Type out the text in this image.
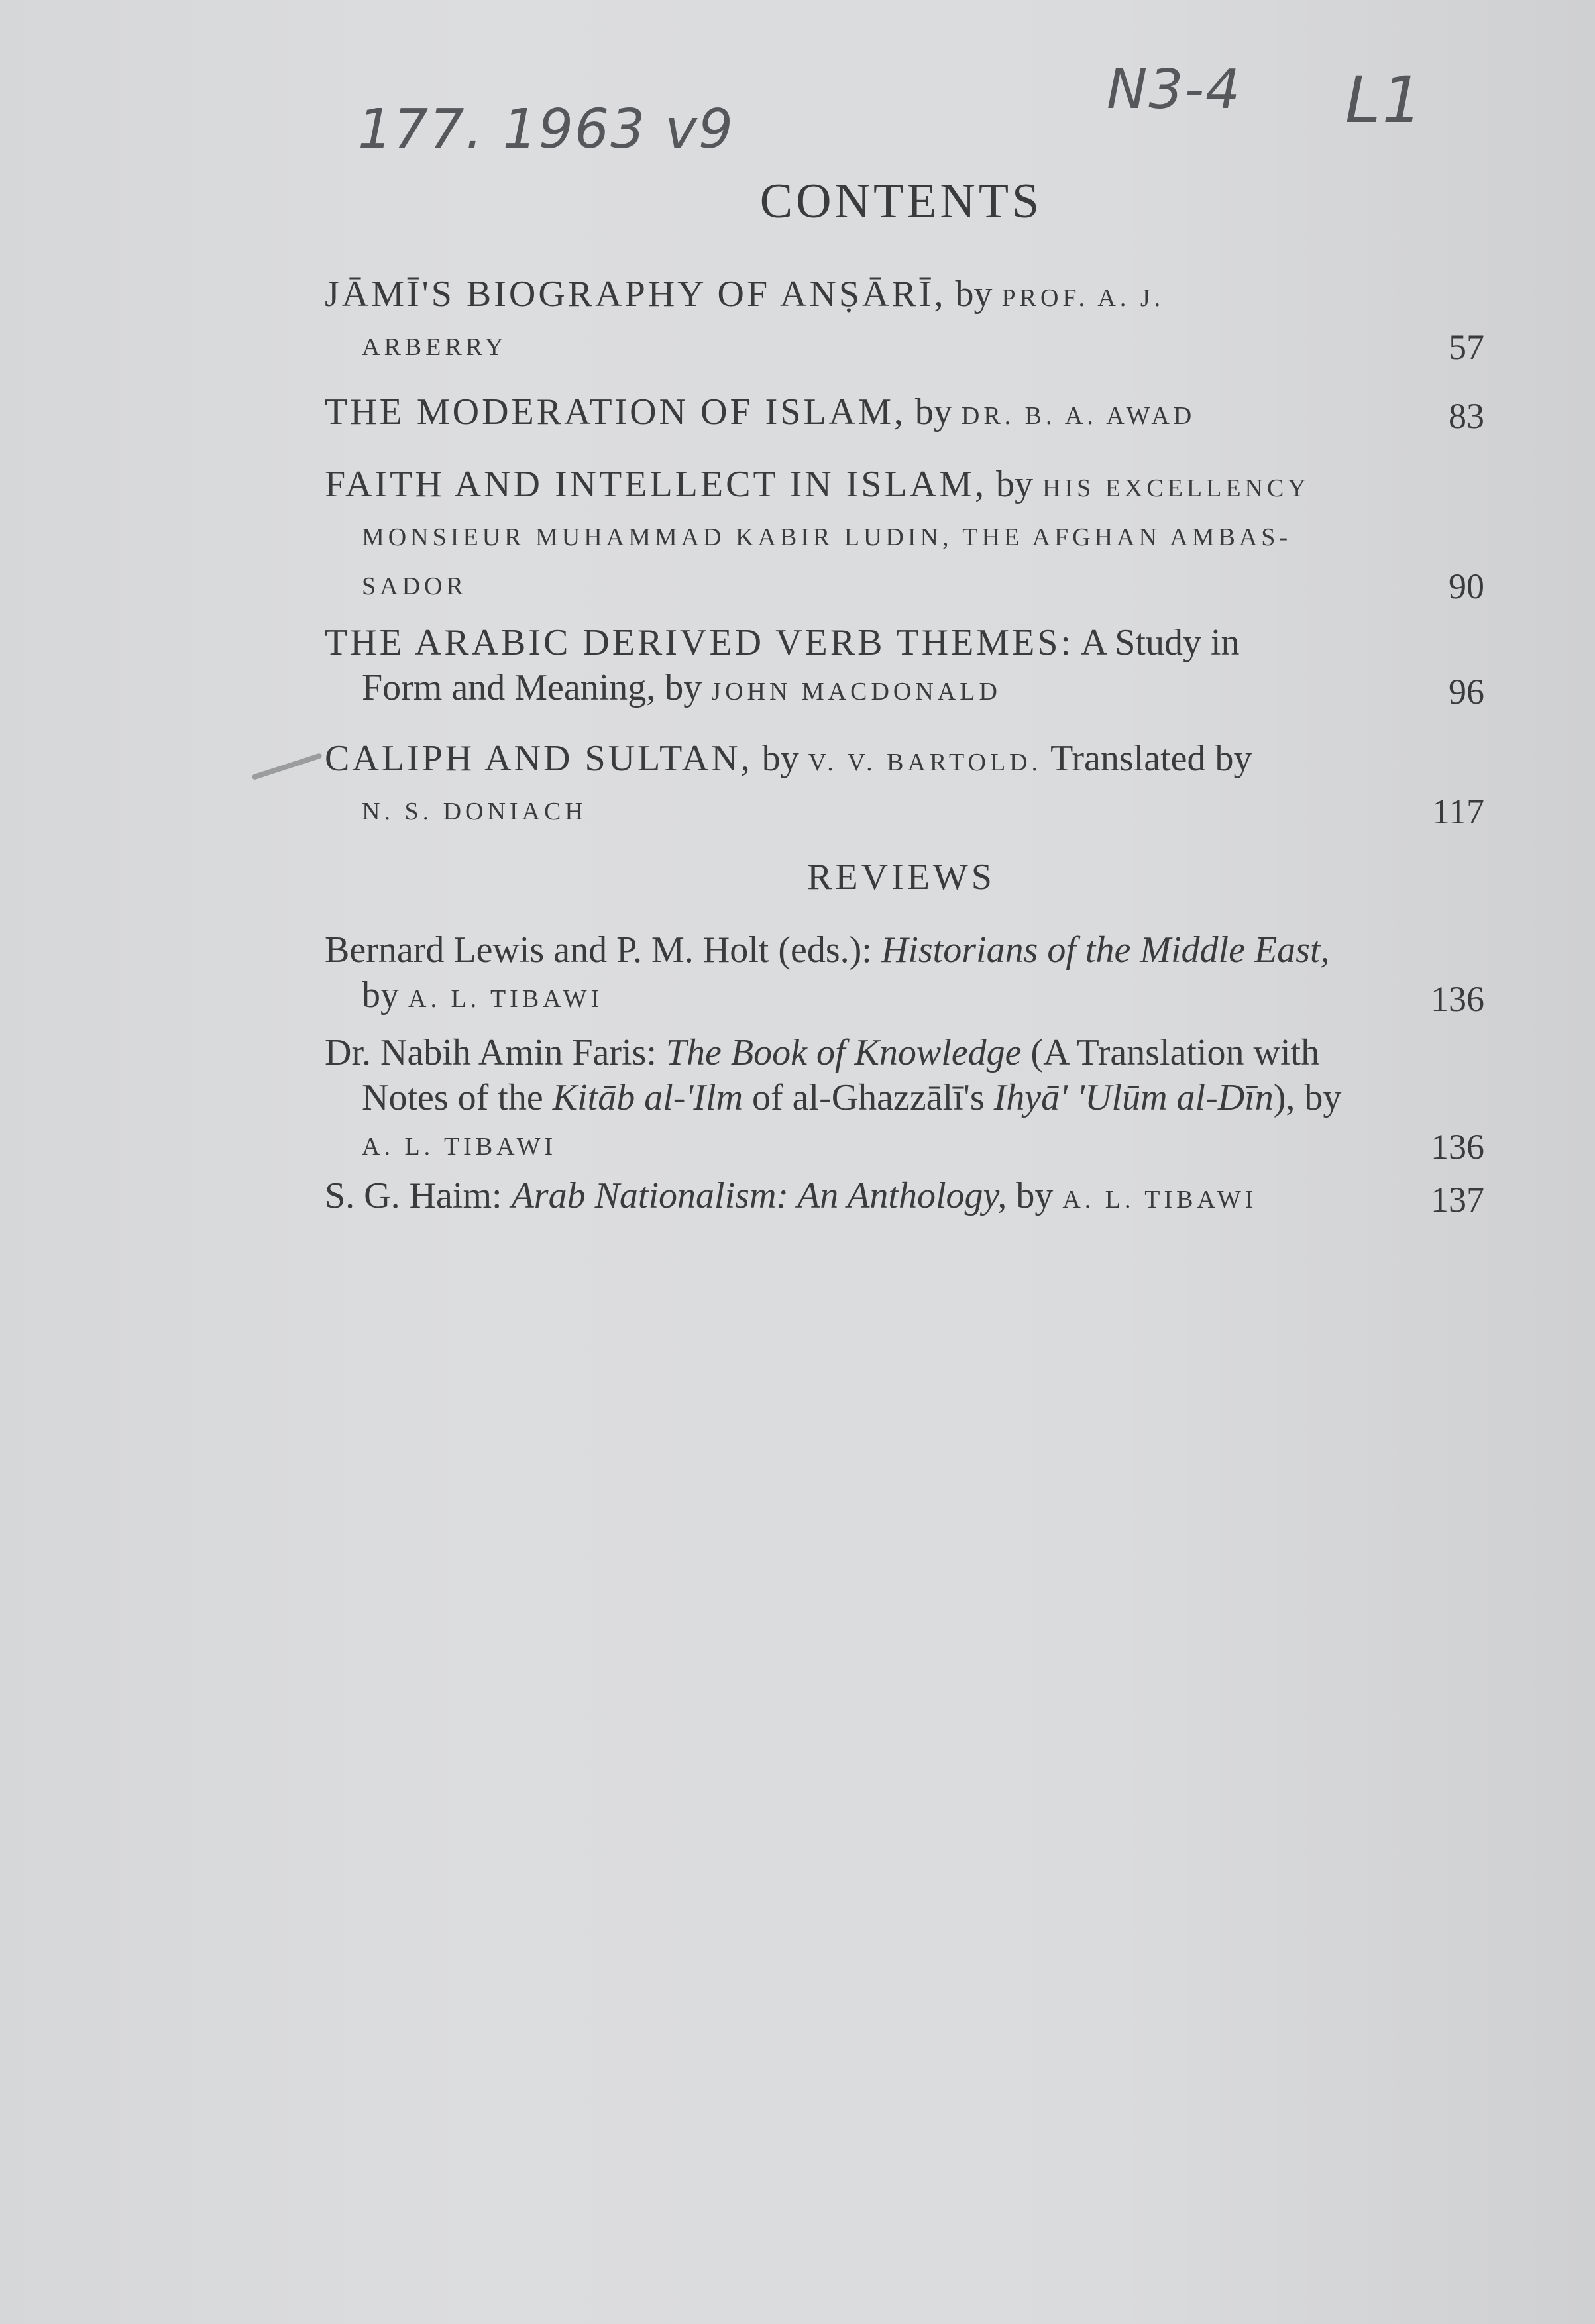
177. 1963 v9
N3-4 L1
CONTENTS
JĀMĪ'S BIOGRAPHY OF ANṢĀRĪ, by PROF. A. J.
ARBERRY	57
THE MODERATION OF ISLAM, by DR. B. A. AWAD	83
FAITH AND INTELLECT IN ISLAM, by HIS EXCELLENCY
MONSIEUR MUHAMMAD KABIR LUDIN, THE AFGHAN AMBAS-
SADOR	90
THE ARABIC DERIVED VERB THEMES: A Study in
Form and Meaning, by JOHN MACDONALD	96
CALIPH AND SULTAN, by V. V. BARTOLD. Translated by
N. S. DONIACH	117
REVIEWS
Bernard Lewis and P. M. Holt (eds.): Historians of the Middle East,
by A. L. TIBAWI	136
Dr. Nabih Amin Faris: The Book of Knowledge (A Translation with
Notes of the Kitāb al-'Ilm of al-Ghazzālī's Ihyā' 'Ulūm al-Dīn), by
A. L. TIBAWI	136
S. G. Haim: Arab Nationalism: An Anthology, by A. L. TIBAWI	137
